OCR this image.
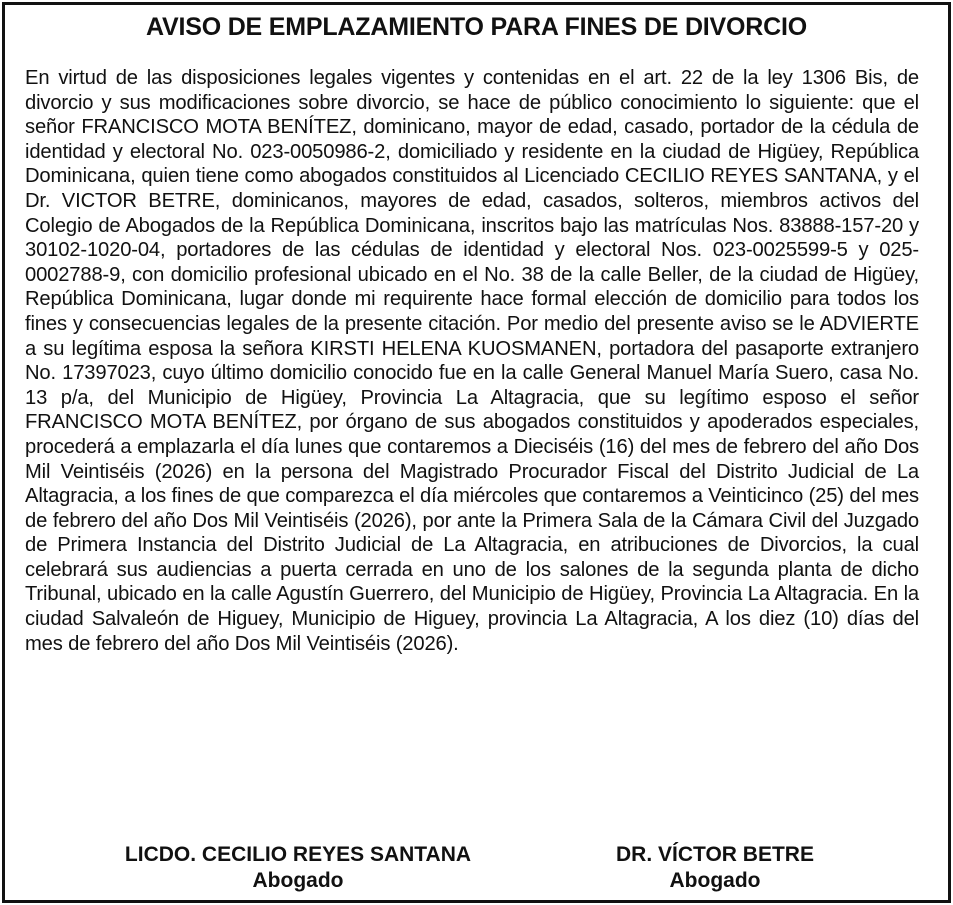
AVISO DE EMPLAZAMIENTO PARA FINES DE DIVORCIO

En virtud de las disposiciones legales vigentes y contenidas en el art. 22 de la ley 1306 Bis, de divorcio y sus modificaciones sobre divorcio, se hace de público conocimiento lo siguiente: que el señor FRANCISCO MOTA BENÍTEZ, dominicano, mayor de edad, casado, portador de la cédula de identidad y electoral No. 023-0050986-2, domiciliado y residente en la ciudad de Higüey, República Dominicana, quien tiene como abogados constituidos al Licenciado CECILIO REYES SANTANA, y el Dr. VICTOR BETRE, dominicanos, mayores de edad, casados, solteros, miembros activos del Colegio de Abogados de la República Dominicana, inscritos bajo las matrículas Nos. 83888-157-20 y 30102-1020-04, portadores de las cédulas de identidad y electoral Nos. 023-0025599-5 y 025-0002788-9, con domicilio profesional ubicado en el No. 38 de la calle Beller, de la ciudad de Higüey, República Dominicana, lugar donde mi requirente hace formal elección de domicilio para todos los fines y consecuencias legales de la presente citación. Por medio del presente aviso se le ADVIERTE a su legítima esposa la señora KIRSTI HELENA KUOSMANEN, portadora del pasaporte extranjero No. 17397023, cuyo último domicilio conocido fue en la calle General Manuel María Suero, casa No. 13 p/a, del Municipio de Higüey, Provincia La Altagracia, que su legítimo esposo el señor FRANCISCO MOTA BENÍTEZ, por órgano de sus abogados constituidos y apoderados especiales, procederá a emplazarla el día lunes que contaremos a Dieciséis (16) del mes de febrero del año Dos Mil Veintiséis (2026) en la persona del Magistrado Procurador Fiscal del Distrito Judicial de La Altagracia, a los fines de que comparezca el día miércoles que contaremos a Veinticinco (25) del mes de febrero del año Dos Mil Veintiséis (2026), por ante la Primera Sala de la Cámara Civil del Juzgado de Primera Instancia del Distrito Judicial de La Altagracia, en atribuciones de Divorcios, la cual celebrará sus audiencias a puerta cerrada en uno de los salones de la segunda planta de dicho Tribunal, ubicado en la calle Agustín Guerrero, del Municipio de Higüey, Provincia La Altagracia. En la ciudad Salvaleón de Higuey, Municipio de Higuey, provincia La Altagracia, A los diez (10) días del mes de febrero del año Dos Mil Veintiséis (2026).

LICDO. CECILIO REYES SANTANA
Abogado
DR. VÍCTOR BETRE
Abogado
